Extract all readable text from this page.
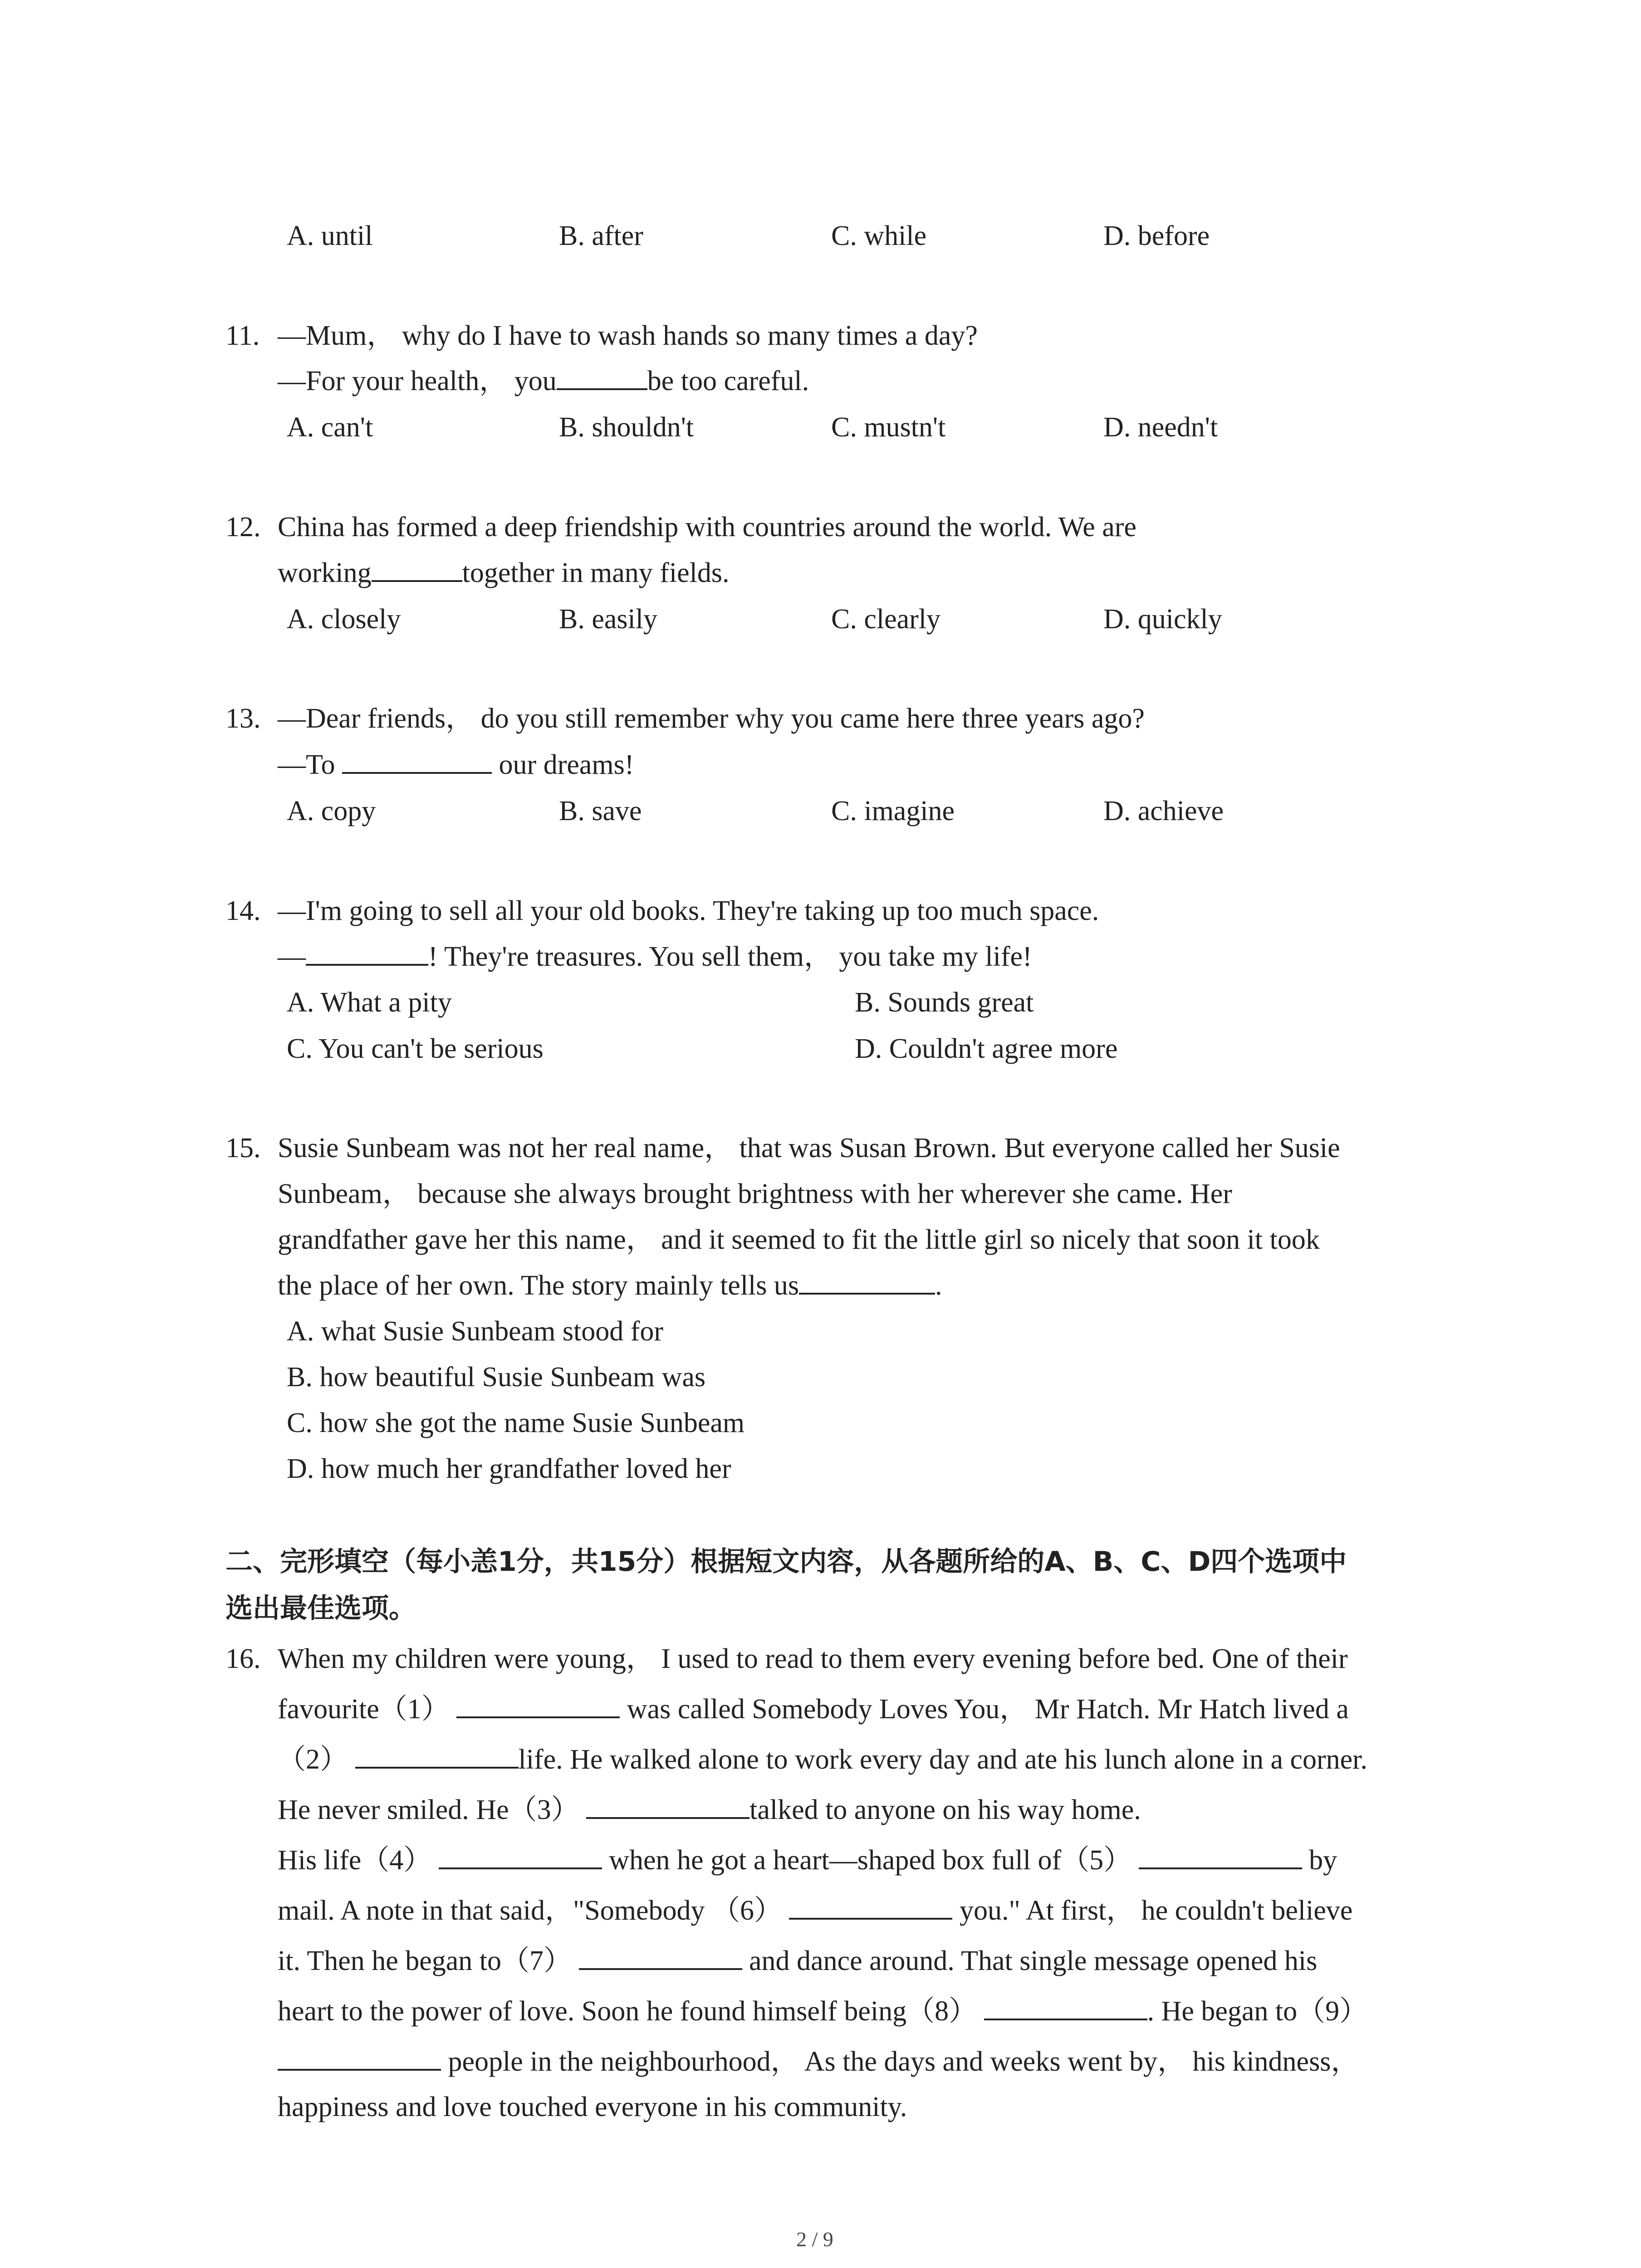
A. until	B. after	C. while	D. before
11. —Mum， why do I have to wash hands so many times a day?
—For your health， you	be too careful.
A. can't	B. shouldn't	C. mustn't	D. needn't
12. China has formed a deep friendship with countries around the world. We are
working	together in many fields.
A. closely	B. easily	C. clearly	D. quickly
13. —Dear friends， do you still remember why you came here three years ago?
—To	our dreams!
A. copy	B. save	C. imagine	D. achieve
14. —I'm going to sell all your old books. They're taking up too much space.
—	! They're treasures. You sell them， you take my life!
A. What a pity	B. Sounds great
C. You can't be serious	D. Couldn't agree more
15. Susie Sunbeam was not her real name， that was Susan Brown. But everyone called her Susie
Sunbeam， because she always brought brightness with her wherever she came. Her
grandfather gave her this name， and it seemed to fit the little girl so nicely that soon it took
the place of her own. The story mainly tells us	.
A. what Susie Sunbeam stood for
B. how beautiful Susie Sunbeam was
C. how she got the name Susie Sunbeam
D. how much her grandfather loved her
二、完形填空（每小恙1分，共15分）根据短文内容，从各题所给的A、B、C、D四个选项中
选出最佳选项。
16. When my children were young， I used to read to them every evening before bed. One of their
favourite（1）	was called Somebody Loves You， Mr Hatch. Mr Hatch lived a
（2）	life. He walked alone to work every day and ate his lunch alone in a corner.
He never smiled. He（3）	talked to anyone on his way home.
His life（4）	when he got a heart—shaped box full of（5）	by
mail. A note in that said，"Somebody （6）	you." At first， he couldn't believe
it. Then he began to（7）	and dance around. That single message opened his
heart to the power of love. Soon he found himself being（8）	. He began to（9）
people in the neighbourhood， As the days and weeks went by， his kindness，
happiness and love touched everyone in his community.
2 / 9
